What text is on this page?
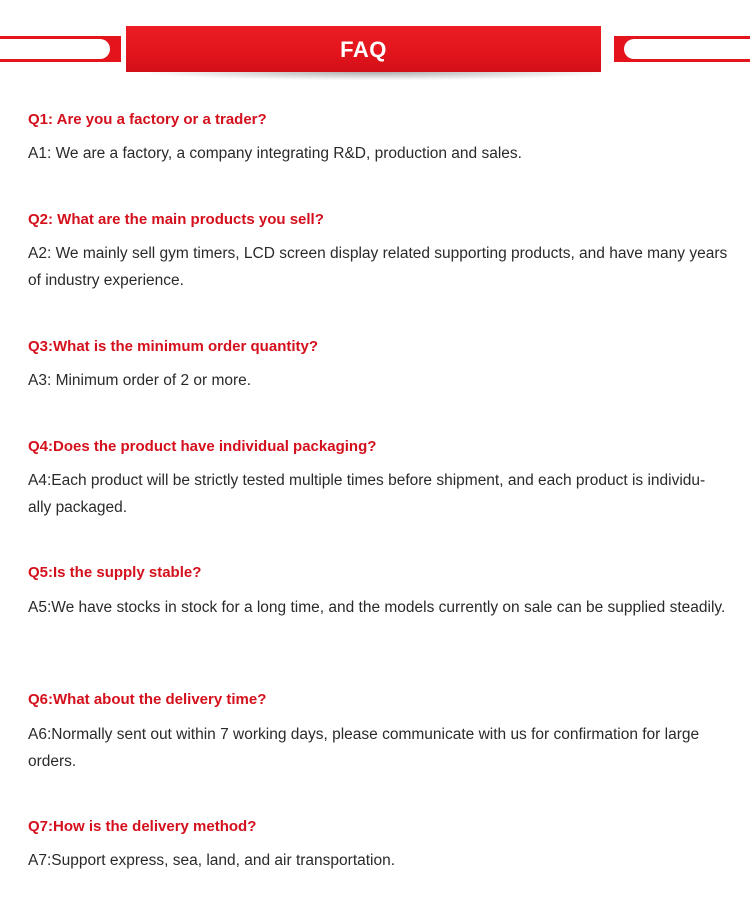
FAQ

Q1: Are you a factory or a trader?

A1: We are a factory, a company integrating R&D, production and sales.

Q2: What are the main products you sell?

A2: We mainly sell gym timers, LCD screen display related supporting products, and have many years of industry experience.

Q3:What is the minimum order quantity?

A3: Minimum order of 2 or more.

Q4:Does the product have individual packaging?

A4:Each product will be strictly tested multiple times before shipment, and each product is individu-ally packaged.

Q5:Is the supply stable?

A5:We have stocks in stock for a long time, and the models currently on sale can be supplied steadily.

Q6:What about the delivery time?

A6:Normally sent out within 7 working days, please communicate with us for confirmation for large orders.

Q7:How is the delivery method?

A7:Support express, sea, land, and air transportation.
